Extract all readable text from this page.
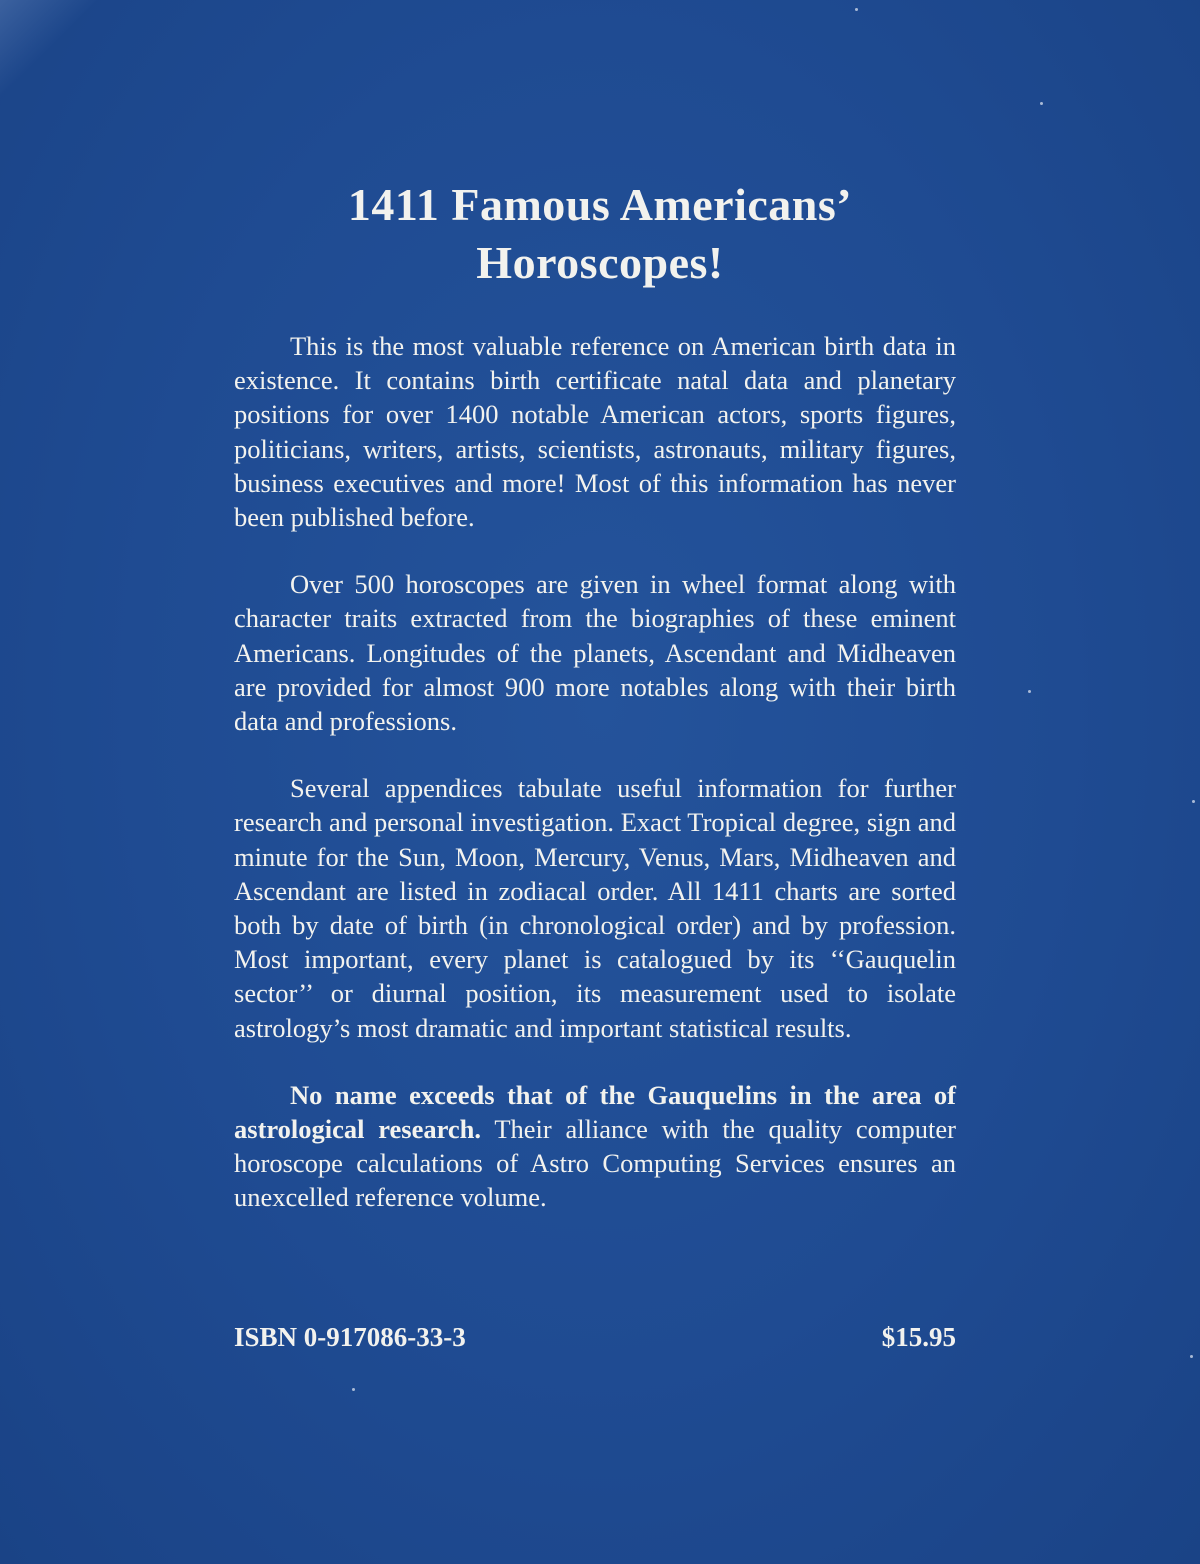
1411 Famous Americans’
Horoscopes!

This is the most valuable reference on American birth data in existence. It contains birth certificate natal data and planetary positions for over 1400 notable American actors, sports figures, politicians, writers, artists, scientists, astronauts, military figures, business executives and more! Most of this information has never been published before.

Over 500 horoscopes are given in wheel format along with character traits extracted from the biographies of these eminent Americans. Longitudes of the planets, Ascendant and Midheaven are provided for almost 900 more notables along with their birth data and professions.

Several appendices tabulate useful information for further research and personal investigation. Exact Tropical degree, sign and minute for the Sun, Moon, Mercury, Venus, Mars, Midheaven and Ascendant are listed in zodiacal order. All 1411 charts are sorted both by date of birth (in chronological order) and by profession. Most important, every planet is catalogued by its ‘‘Gauquelin sector’’ or diurnal position, its measurement used to isolate astrology’s most dramatic and important statistical results.

No name exceeds that of the Gauquelins in the area of astrological research. Their alliance with the quality computer horoscope calculations of Astro Computing Services ensures an unexcelled reference volume.

ISBN 0-917086-33-3	$15.95
